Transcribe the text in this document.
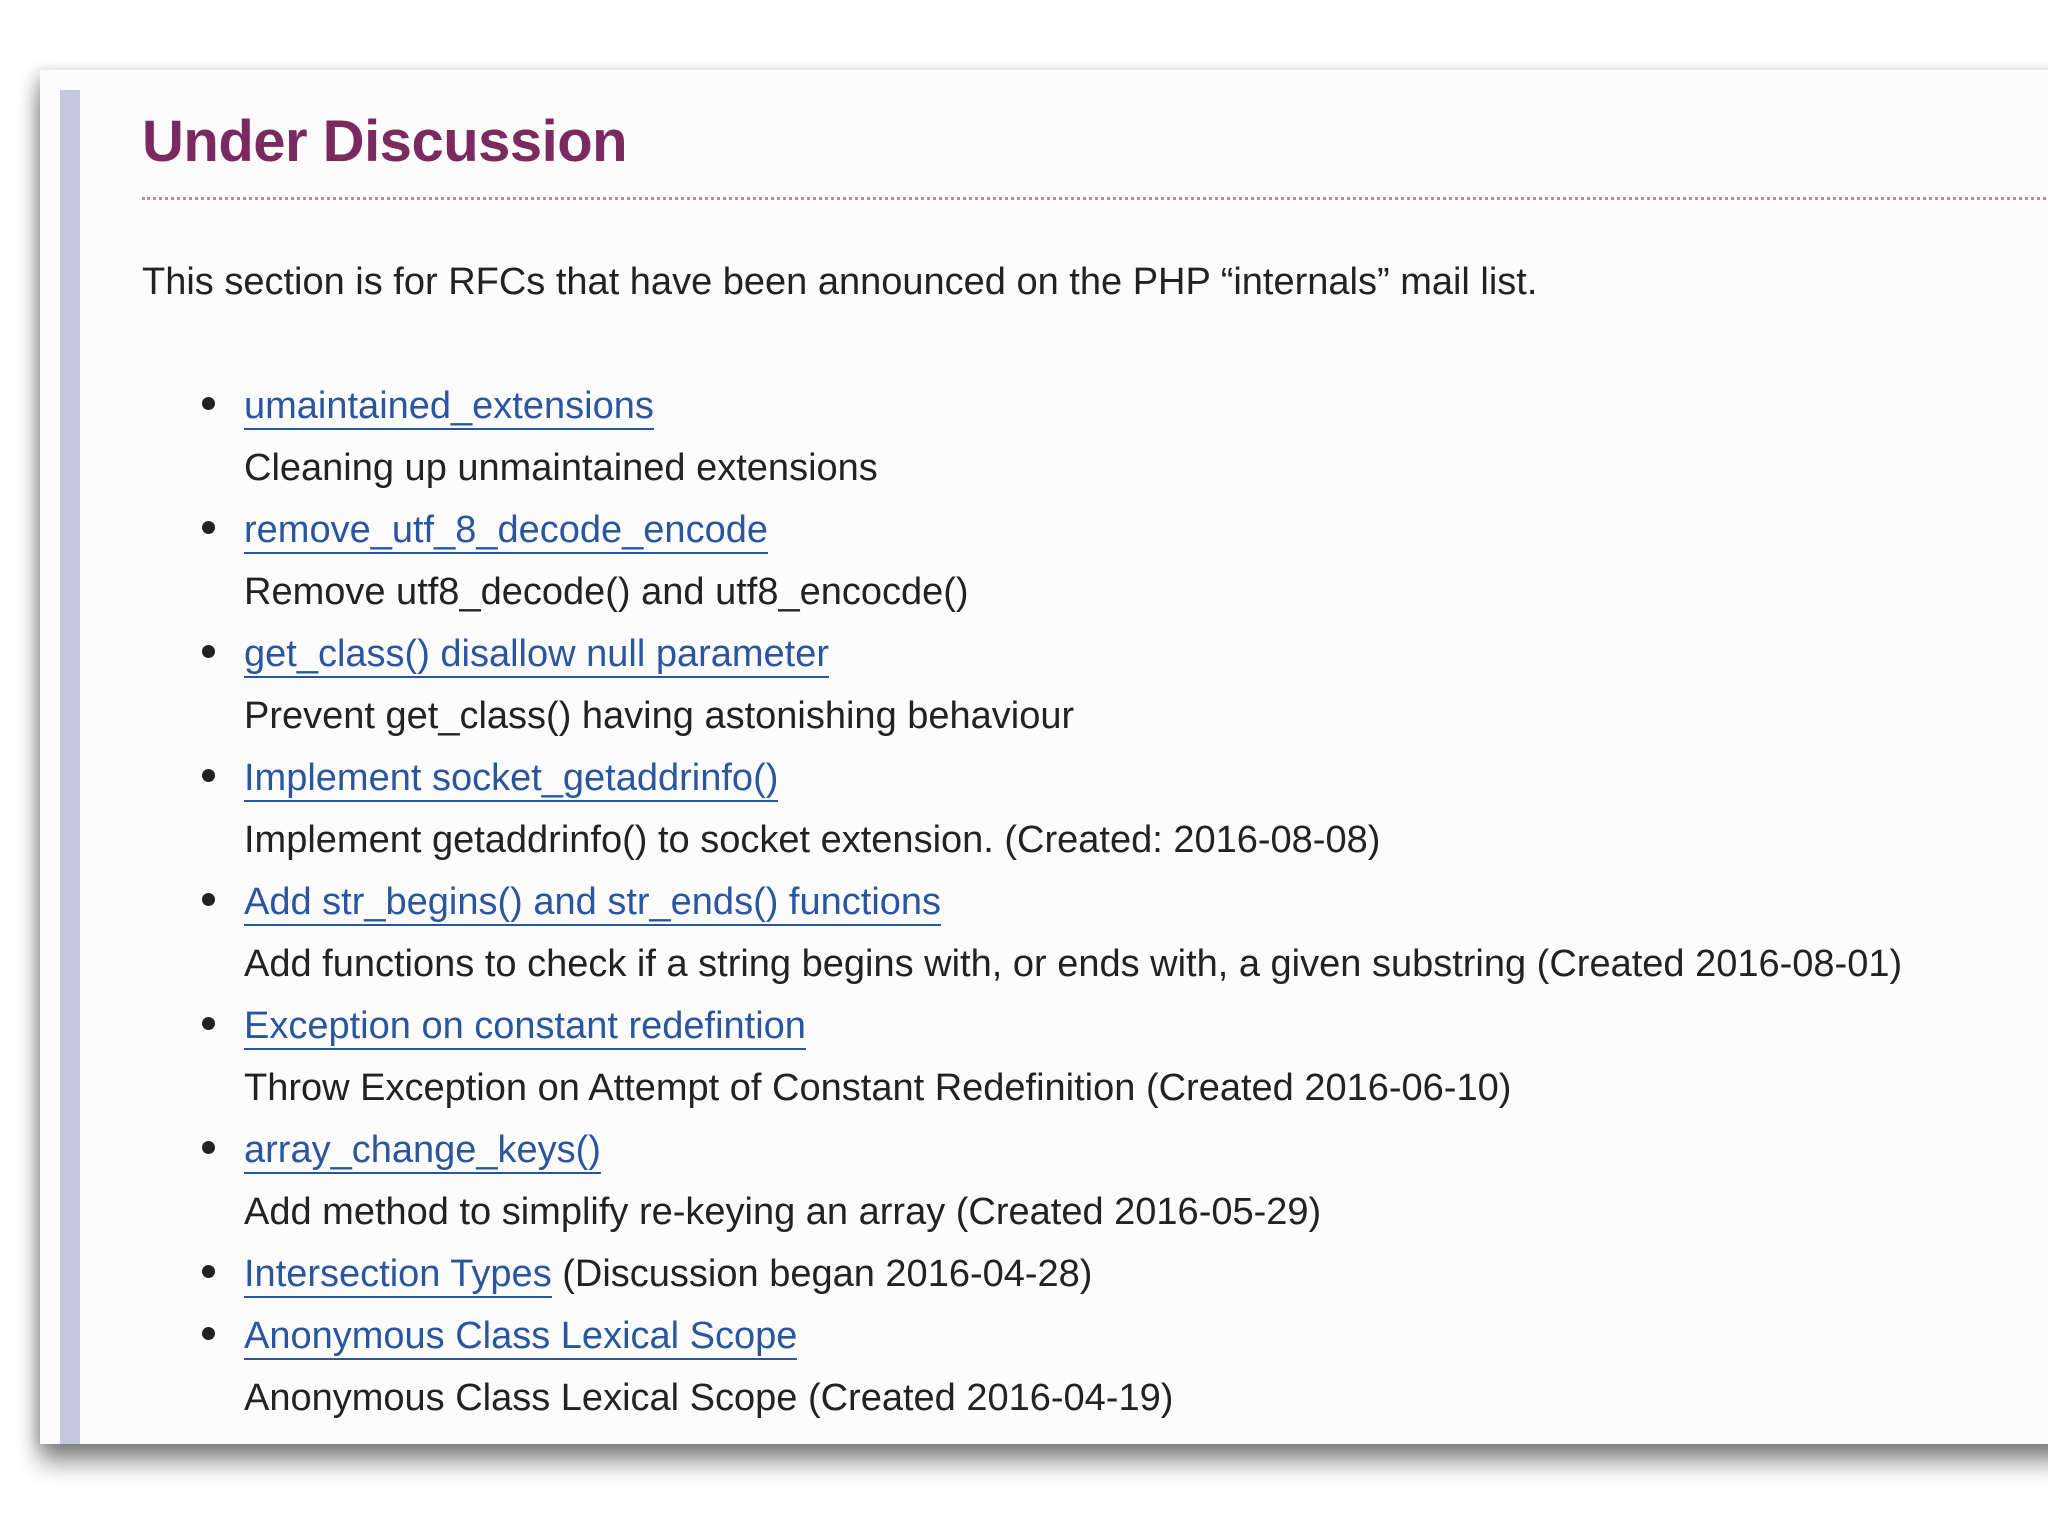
Under Discussion

This section is for RFCs that have been announced on the PHP “internals” mail list.

umaintained_extensions
Cleaning up unmaintained extensions
remove_utf_8_decode_encode
Remove utf8_decode() and utf8_encocde()
get_class() disallow null parameter
Prevent get_class() having astonishing behaviour
Implement socket_getaddrinfo()
Implement getaddrinfo() to socket extension. (Created: 2016-08-08)
Add str_begins() and str_ends() functions
Add functions to check if a string begins with, or ends with, a given substring (Created 2016-08-01)
Exception on constant redefintion
Throw Exception on Attempt of Constant Redefinition (Created 2016-06-10)
array_change_keys()
Add method to simplify re-keying an array (Created 2016-05-29)
Intersection Types (Discussion began 2016-04-28)
Anonymous Class Lexical Scope
Anonymous Class Lexical Scope (Created 2016-04-19)
